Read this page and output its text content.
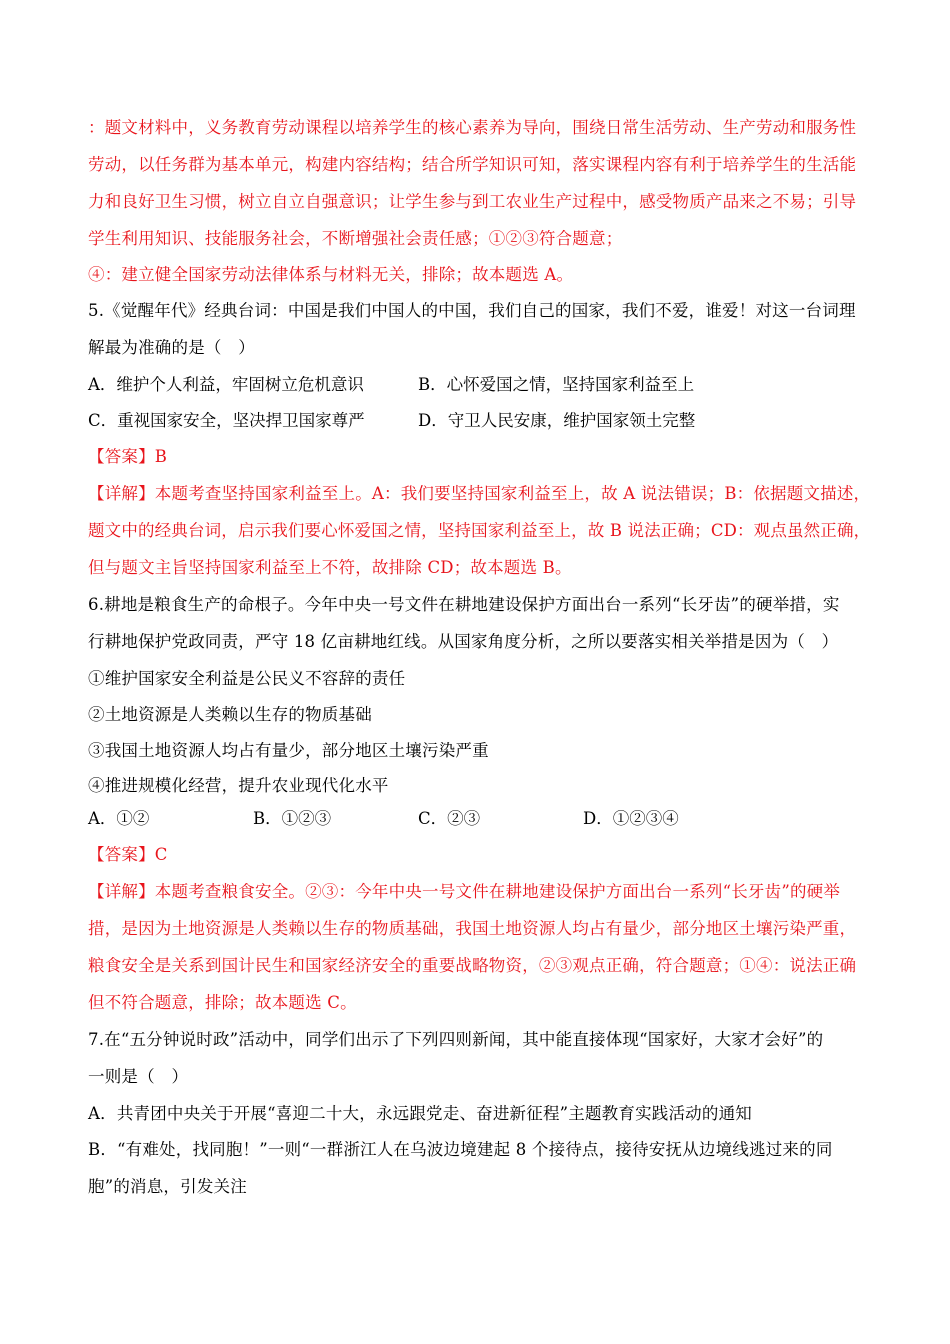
：题文材料中，义务教育劳动课程以培养学生的核心素养为导向，围绕日常生活劳动、生产劳动和服务性
劳动，以任务群为基本单元，构建内容结构；结合所学知识可知，落实课程内容有利于培养学生的生活能
力和良好卫生习惯，树立自立自强意识；让学生参与到工农业生产过程中，感受物质产品来之不易；引导
学生利用知识、技能服务社会，不断增强社会责任感；①②③符合题意；
④：建立健全国家劳动法律体系与材料无关，排除；故本题选 A。
5.《觉醒年代》经典台词：中国是我们中国人的中国，我们自己的国家，我们不爱，谁爱！对这一台词理
解最为准确的是（　）
A．维护个人利益，牢固树立危机意识	B．心怀爱国之情，坚持国家利益至上
C．重视国家安全，坚决捍卫国家尊严	D．守卫人民安康，维护国家领土完整
【答案】B
【详解】本题考查坚持国家利益至上。A：我们要坚持国家利益至上，故 A 说法错误；B：依据题文描述，
题文中的经典台词，启示我们要心怀爱国之情，坚持国家利益至上，故 B 说法正确；CD：观点虽然正确，
但与题文主旨坚持国家利益至上不符，故排除 CD；故本题选 B。
6.耕地是粮食生产的命根子。今年中央一号文件在耕地建设保护方面出台一系列“长牙齿”的硬举措，实
行耕地保护党政同责，严守 18 亿亩耕地红线。从国家角度分析，之所以要落实相关举措是因为（　）
①维护国家安全利益是公民义不容辞的责任
②土地资源是人类赖以生存的物质基础
③我国土地资源人均占有量少，部分地区土壤污染严重
④推进规模化经营，提升农业现代化水平
A．①②	B．①②③	C．②③	D．①②③④
【答案】C
【详解】本题考查粮食安全。②③：今年中央一号文件在耕地建设保护方面出台一系列“长牙齿”的硬举
措，是因为土地资源是人类赖以生存的物质基础，我国土地资源人均占有量少，部分地区土壤污染严重，
粮食安全是关系到国计民生和国家经济安全的重要战略物资，②③观点正确，符合题意；①④：说法正确
但不符合题意，排除；故本题选 C。
7.在“五分钟说时政”活动中，同学们出示了下列四则新闻，其中能直接体现“国家好，大家才会好”的
一则是（　）
A．共青团中央关于开展“喜迎二十大，永远跟党走、奋进新征程”主题教育实践活动的通知
B．“有难处，找同胞！”一则“一群浙江人在乌波边境建起 8 个接待点，接待安抚从边境线逃过来的同
胞”的消息，引发关注
